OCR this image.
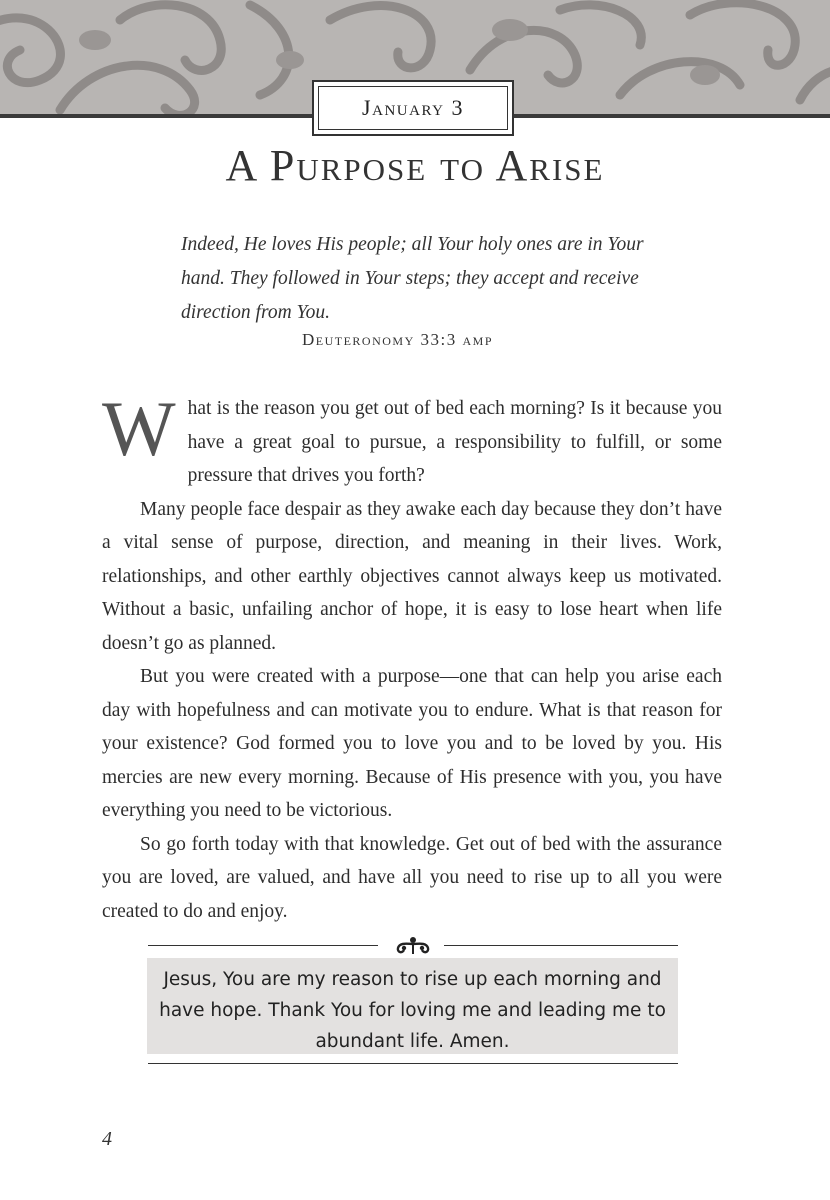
January 3
A Purpose to Arise
Indeed, He loves His people; all Your holy ones are in Your hand. They followed in Your steps; they accept and receive direction from You.
Deuteronomy 33:3 amp

What is the reason you get out of bed each morning? Is it because you have a great goal to pursue, a responsibility to fulfill, or some pressure that drives you forth?

Many people face despair as they awake each day because they don’t have a vital sense of purpose, direction, and meaning in their lives. Work, relationships, and other earthly objectives cannot always keep us motivated. Without a basic, unfailing anchor of hope, it is easy to lose heart when life doesn’t go as planned.

But you were created with a purpose—one that can help you arise each day with hopefulness and can motivate you to endure. What is that reason for your existence? God formed you to love you and to be loved by you. His mercies are new every morning. Because of His presence with you, you have everything you need to be victorious.

So go forth today with that knowledge. Get out of bed with the assurance you are loved, are valued, and have all you need to rise up to all you were created to do and enjoy.

Jesus, You are my reason to rise up each morning and have hope. Thank You for loving me and leading me to abundant life. Amen.
4
